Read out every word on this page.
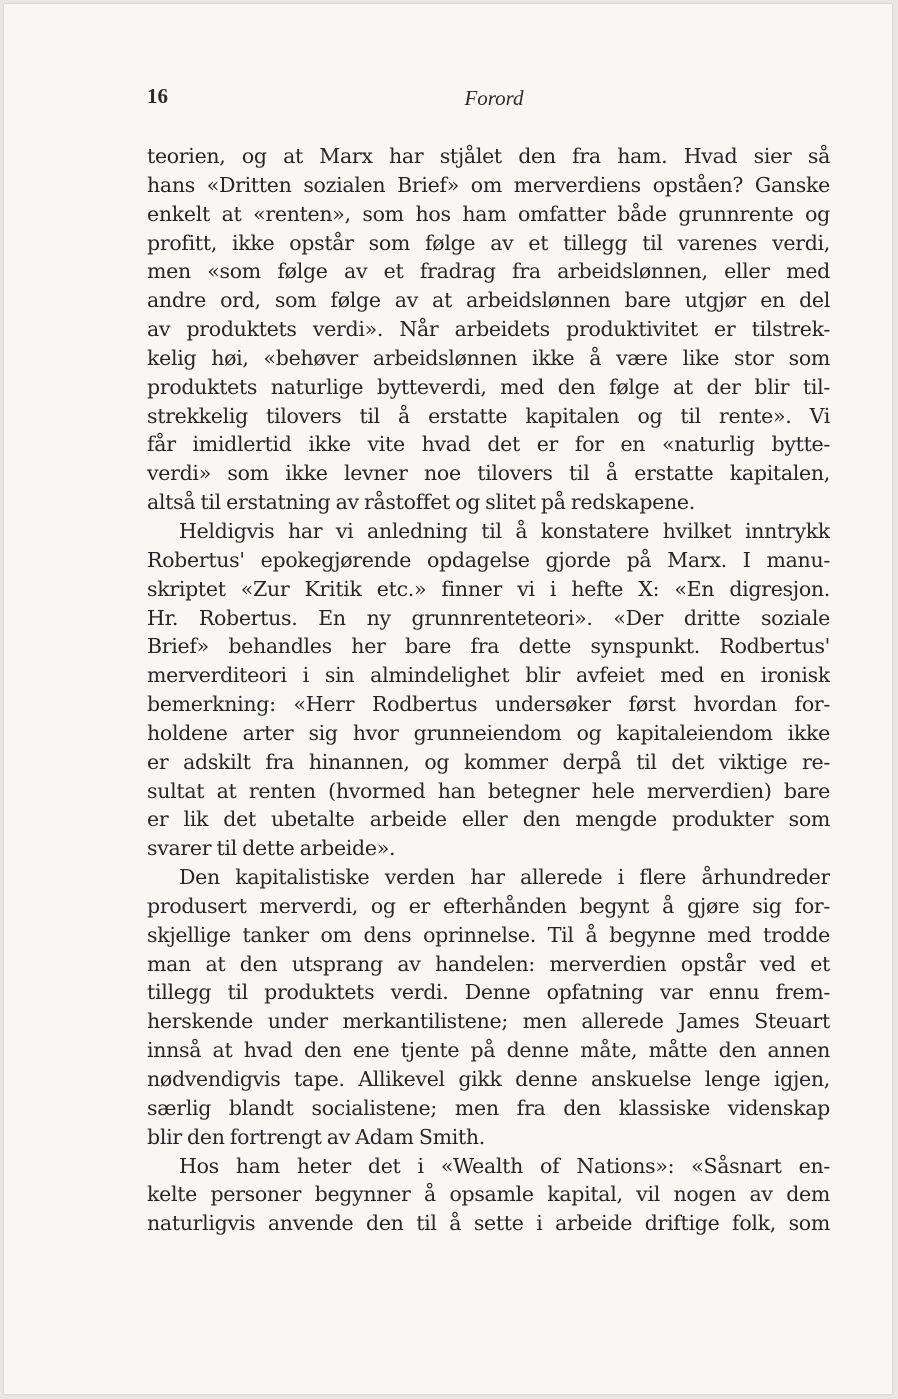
16	Forord
teorien, og at Marx har stjålet den fra ham. Hvad sier så
hans «Dritten sozialen Brief» om merverdiens opståen? Ganske
enkelt at «renten», som hos ham omfatter både grunnrente og
profitt, ikke opstår som følge av et tillegg til varenes verdi,
men «som følge av et fradrag fra arbeidslønnen, eller med
andre ord, som følge av at arbeidslønnen bare utgjør en del
av produktets verdi». Når arbeidets produktivitet er tilstrek-
kelig høi, «behøver arbeidslønnen ikke å være like stor som
produktets naturlige bytteverdi, med den følge at der blir til-
strekkelig tilovers til å erstatte kapitalen og til rente». Vi
får imidlertid ikke vite hvad det er for en «naturlig bytte-
verdi» som ikke levner noe tilovers til å erstatte kapitalen,
altså til erstatning av råstoffet og slitet på redskapene.
Heldigvis har vi anledning til å konstatere hvilket inntrykk
Robertus' epokegjørende opdagelse gjorde på Marx. I manu-
skriptet «Zur Kritik etc.» finner vi i hefte X: «En digresjon.
Hr. Robertus. En ny grunnrenteteori». «Der dritte soziale
Brief» behandles her bare fra dette synspunkt. Rodbertus'
merverditeori i sin almindelighet blir avfeiet med en ironisk
bemerkning: «Herr Rodbertus undersøker først hvordan for-
holdene arter sig hvor grunneiendom og kapitaleiendom ikke
er adskilt fra hinannen, og kommer derpå til det viktige re-
sultat at renten (hvormed han betegner hele merverdien) bare
er lik det ubetalte arbeide eller den mengde produkter som
svarer til dette arbeide».
Den kapitalistiske verden har allerede i flere århundreder
produsert merverdi, og er efterhånden begynt å gjøre sig for-
skjellige tanker om dens oprinnelse. Til å begynne med trodde
man at den utsprang av handelen: merverdien opstår ved et
tillegg til produktets verdi. Denne opfatning var ennu frem-
herskende under merkantilistene; men allerede James Steuart
innså at hvad den ene tjente på denne måte, måtte den annen
nødvendigvis tape. Allikevel gikk denne anskuelse lenge igjen,
særlig blandt socialistene; men fra den klassiske videnskap
blir den fortrengt av Adam Smith.
Hos ham heter det i «Wealth of Nations»: «Såsnart en-
kelte personer begynner å opsamle kapital, vil nogen av dem
naturligvis anvende den til å sette i arbeide driftige folk, som
